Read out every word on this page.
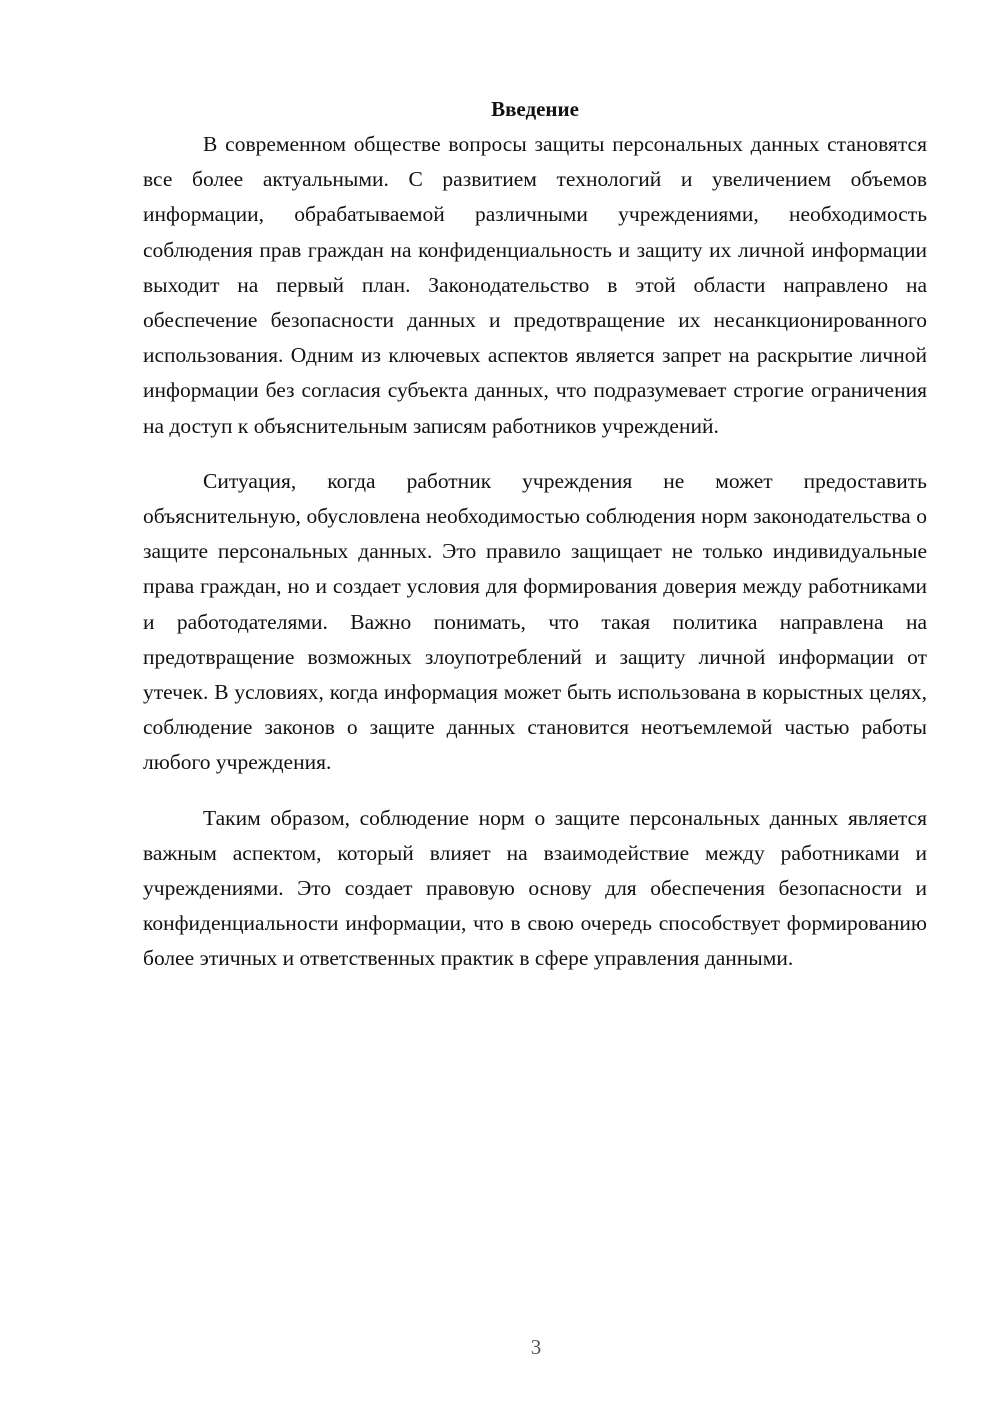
Введение

В современном обществе вопросы защиты персональных данных становятся все более актуальными. С развитием технологий и увеличением объемов информации, обрабатываемой различными учреждениями, необходимость соблюдения прав граждан на конфиденциальность и защиту их личной информации выходит на первый план. Законодательство в этой области направлено на обеспечение безопасности данных и предотвращение их несанкционированного использования. Одним из ключевых аспектов является запрет на раскрытие личной информации без согласия субъекта данных, что подразумевает строгие ограничения на доступ к объяснительным записям работников учреждений.

Ситуация, когда работник учреждения не может предоставить объяснительную, обусловлена необходимостью соблюдения норм законодательства о защите персональных данных. Это правило защищает не только индивидуальные права граждан, но и создает условия для формирования доверия между работниками и работодателями. Важно понимать, что такая политика направлена на предотвращение возможных злоупотреблений и защиту личной информации от утечек. В условиях, когда информация может быть использована в корыстных целях, соблюдение законов о защите данных становится неотъемлемой частью работы любого учреждения.

Таким образом, соблюдение норм о защите персональных данных является важным аспектом, который влияет на взаимодействие между работниками и учреждениями. Это создает правовую основу для обеспечения безопасности и конфиденциальности информации, что в свою очередь способствует формированию более этичных и ответственных практик в сфере управления данными.

3
